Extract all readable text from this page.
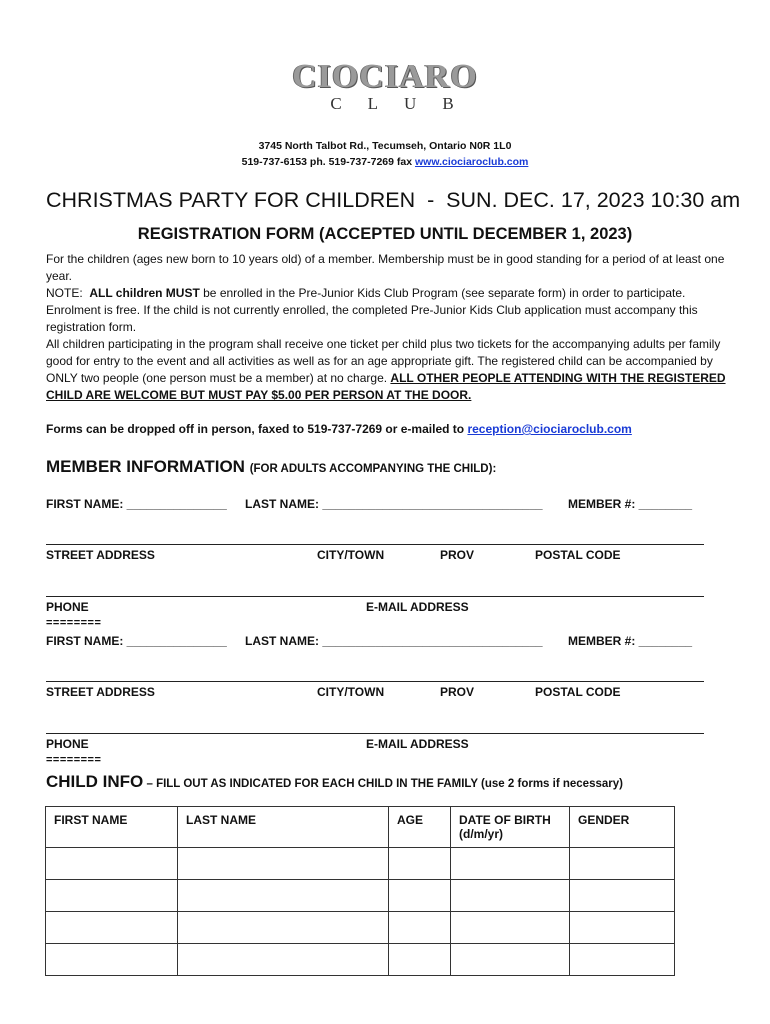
CIOCIARO
CLUB
3745 North Talbot Rd., Tecumseh, Ontario N0R 1L0
519-737-6153 ph. 519-737-7269 fax www.ciociaroclub.com
CHRISTMAS PARTY FOR CHILDREN  -  SUN. DEC. 17, 2023 10:30 am
REGISTRATION FORM (ACCEPTED UNTIL DECEMBER 1, 2023)
For the children (ages new born to 10 years old) of a member. Membership must be in good standing for a period of at least one year.
NOTE:  ALL children MUST be enrolled in the Pre-Junior Kids Club Program (see separate form) in order to participate. Enrolment is free. If the child is not currently enrolled, the completed Pre-Junior Kids Club application must accompany this registration form.
All children participating in the program shall receive one ticket per child plus two tickets for the accompanying adults per family good for entry to the event and all activities as well as for an age appropriate gift. The registered child can be accompanied by ONLY two people (one person must be a member) at no charge. ALL OTHER PEOPLE ATTENDING WITH THE REGISTERED CHILD ARE WELCOME BUT MUST PAY $5.00 PER PERSON AT THE DOOR.
Forms can be dropped off in person, faxed to 519-737-7269 or e-mailed to reception@ciociaroclub.com
MEMBER INFORMATION (FOR ADULTS ACCOMPANYING THE CHILD):
FIRST NAME: _______________ LAST NAME: _________________________________ MEMBER #: ________
STREET ADDRESS	CITY/TOWN	PROV	POSTAL CODE
PHONE	E-MAIL ADDRESS
========
FIRST NAME: _______________ LAST NAME: _________________________________ MEMBER #: ________
STREET ADDRESS	CITY/TOWN	PROV	POSTAL CODE
PHONE	E-MAIL ADDRESS
========
CHILD INFO – FILL OUT AS INDICATED FOR EACH CHILD IN THE FAMILY (use 2 forms if necessary)
FIRST NAME	LAST NAME	AGE	DATE OF BIRTH (d/m/yr)	GENDER
